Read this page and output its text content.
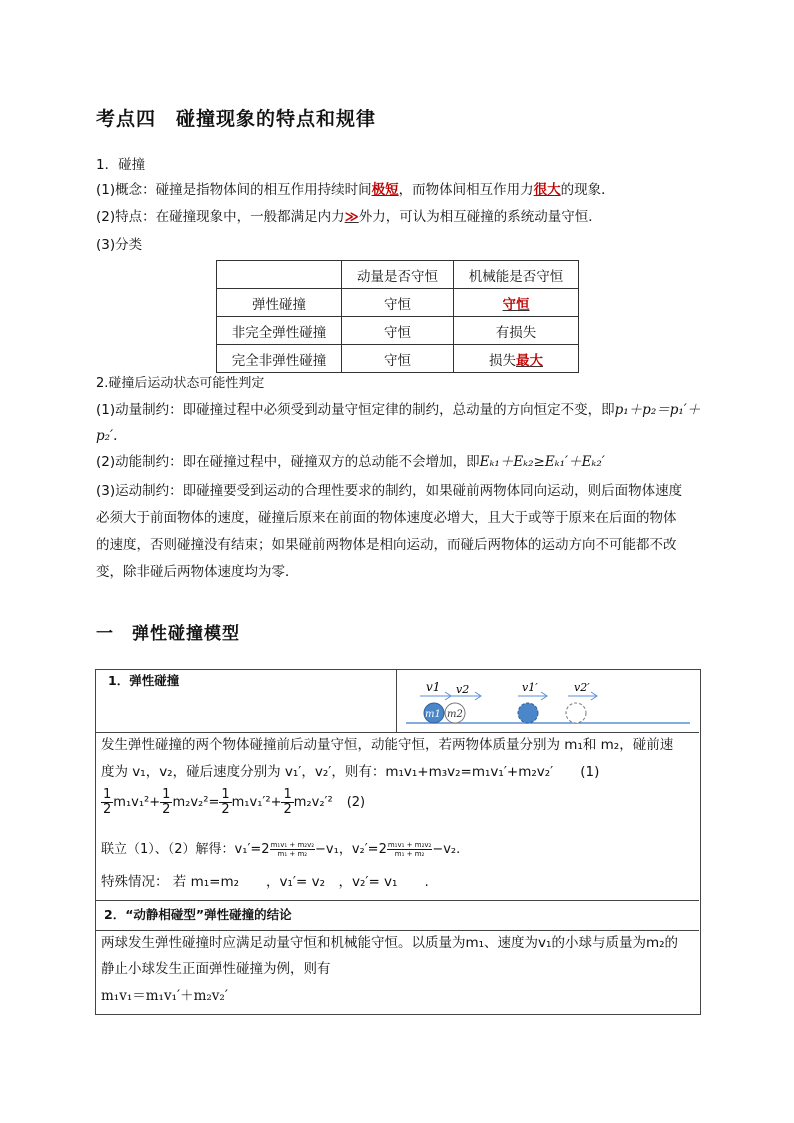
考点四　碰撞现象的特点和规律
1．碰撞
(1)概念：碰撞是指物体间的相互作用持续时间极短，而物体间相互作用力很大的现象．
(2)特点：在碰撞现象中，一般都满足内力≫外力，可认为相互碰撞的系统动量守恒．
(3)分类
	动量是否守恒	机械能是否守恒
弹性碰撞	守恒	守恒
非完全弹性碰撞	守恒	有损失
完全非弹性碰撞	守恒	损失最大
2.碰撞后运动状态可能性判定
(1)动量制约：即碰撞过程中必须受到动量守恒定律的制约，总动量的方向恒定不变，即p₁＋p₂＝p₁′＋
p₂′.
(2)动能制约：即在碰撞过程中，碰撞双方的总动能不会增加，即Eₖ₁＋Eₖ₂≥Eₖ₁′＋Eₖ₂′
(3)运动制约：即碰撞要受到运动的合理性要求的制约，如果碰前两物体同向运动，则后面物体速度
必须大于前面物体的速度，碰撞后原来在前面的物体速度必增大，且大于或等于原来在后面的物体
的速度，否则碰撞没有结束；如果碰前两物体是相向运动，而碰后两物体的运动方向不可能都不改
变，除非碰后两物体速度均为零．
一　弹性碰撞模型
1．弹性碰撞	v1 v2	v1′	v2′
m1 m2
发生弹性碰撞的两个物体碰撞前后动量守恒，动能守恒，若两物体质量分别为 m₁和 m₂，碰前速
度为 v₁，v₂，碰后速度分别为 v₁′，v₂′，则有：m₁v₁+m₃v₂=m₁v₁′+m₂v₂′　　(1)
$\frac{1}{2} m_1v_1^2+ \frac{1}{2} m_2v_2^2= \frac{1}{2} m_1v_1'^2+ \frac{1}{2} m_2v_2'^2$ (2)
联立（1）、（2）解得：$v_1'=2 \frac{\text{m₁v₁ + m₂v₂}}{\text{m₁ + m₂}} -v_1$，$v_2'=2 \frac{\text{m₁v₁ + m₂v₂}}{\text{m₁ + m₂}} -v_2$.
特殊情况： 若 m₁=m₂　　，v₁′= v₂　，v₂′= v₁　　.
2．“动静相碰型”弹性碰撞的结论
两球发生弹性碰撞时应满足动量守恒和机械能守恒。以质量为m₁、速度为v₁的小球与质量为m₂的
静止小球发生正面弹性碰撞为例，则有
m₁v₁＝m₁v₁′＋m₂v₂′
